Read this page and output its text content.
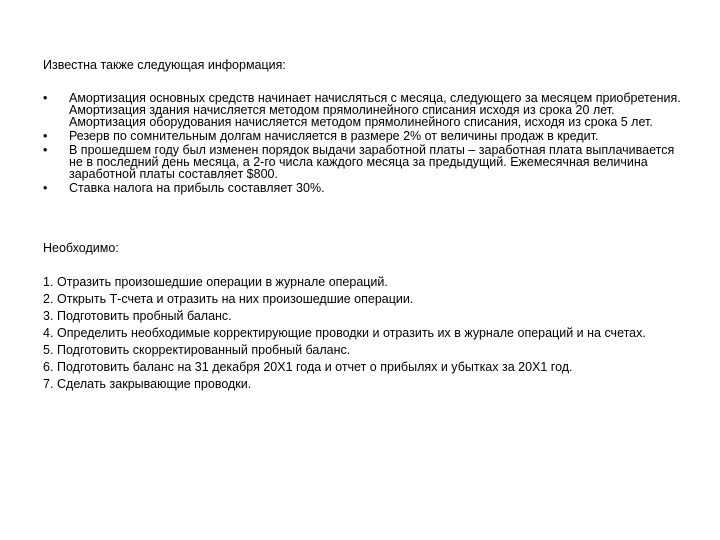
Известна также следующая информация:
• Амортизация основных средств начинает начисляться с месяца, следующего за месяцем приобретения. Амортизация здания начисляется методом прямолинейного списания исходя из срока 20 лет. Амортизация оборудования начисляется методом прямолинейного списания, исходя из срока 5 лет.
• Резерв по сомнительным долгам начисляется в размере 2% от величины продаж в кредит.
• В прошедшем году был изменен порядок выдачи заработной платы – заработная плата выплачивается не в последний день месяца, а 2-го числа каждого месяца за предыдущий. Ежемесячная величина заработной платы составляет $800.
• Ставка налога на прибыль составляет 30%.
Необходимо:
1. Отразить произошедшие операции в журнале операций.
2. Открыть Т-счета и отразить на них произошедшие операции.
3. Подготовить пробный баланс.
4. Определить необходимые корректирующие проводки и отразить их в журнале операций и на счетах.
5. Подготовить скорректированный пробный баланс.
6. Подготовить баланс на 31 декабря 20Х1 года и отчет о прибылях и убытках за 20Х1 год.
7. Сделать закрывающие проводки.
